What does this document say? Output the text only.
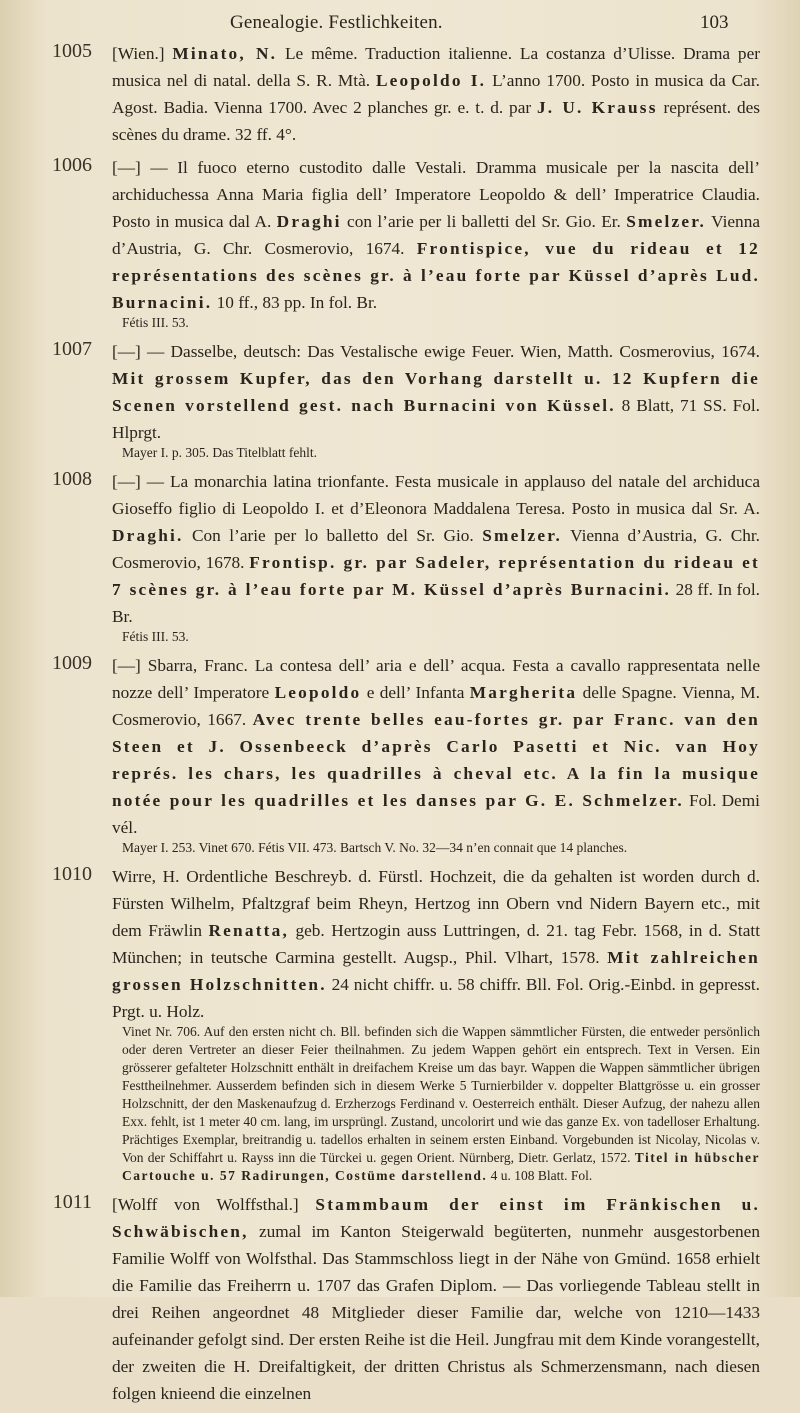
Genealogie. Festlichkeiten.	103
1005 [Wien.] Minato, N. Le même. Traduction italienne. La costanza d’Ulisse. Drama per musica nel di natal. della S. R. Mtà. Leopoldo I. L’anno 1700. Posto in musica da Car. Agost. Badia. Vienna 1700. Avec 2 planches gr. e. t. d. par J. U. Krauss représent. des scènes du drame. 32 ff. 4°.
1006 [—] — Il fuoco eterno custodito dalle Vestali. Dramma musicale per la nascita dell’ archiduchessa Anna Maria figlia dell’ Imperatore Leopoldo & dell’ Imperatrice Claudia. Posto in musica dal A. Draghi con l’arie per li balletti del Sr. Gio. Er. Smelzer. Vienna d’Austria, G. Chr. Cosmerovio, 1674. Frontispice, vue du rideau et 12 représentations des scènes gr. à l’eau forte par Küssel d’après Lud. Burnacini. 10 ff., 83 pp. In fol. Br.
Fétis III. 53.
1007 [—] — Dasselbe, deutsch: Das Vestalische ewige Feuer. Wien, Matth. Cosmerovius, 1674. Mit grossem Kupfer, das den Vorhang darstellt u. 12 Kupfern die Scenen vorstellend gest. nach Burnacini von Küssel. 8 Blatt, 71 SS. Fol. Hlprgt.
Mayer I. p. 305. Das Titelblatt fehlt.
1008 [—] — La monarchia latina trionfante. Festa musicale in applauso del natale del archiduca Gioseffo figlio di Leopoldo I. et d’Eleonora Maddalena Teresa. Posto in musica dal Sr. A. Draghi. Con l’arie per lo balletto del Sr. Gio. Smelzer. Vienna d’Austria, G. Chr. Cosmerovio, 1678. Frontisp. gr. par Sadeler, représentation du rideau et 7 scènes gr. à l’eau forte par M. Küssel d’après Burnacini. 28 ff. In fol. Br.
Fétis III. 53.
1009 [—] Sbarra, Franc. La contesa dell’ aria e dell’ acqua. Festa a cavallo rappresentata nelle nozze dell’ Imperatore Leopoldo e dell’ Infanta Margherita delle Spagne. Vienna, M. Cosmerovio, 1667. Avec trente belles eau-fortes gr. par Franc. van den Steen et J. Ossenbeeck d’après Carlo Pasetti et Nic. van Hoy représ. les chars, les quadrilles à cheval etc. A la fin la musique notée pour les quadrilles et les danses par G. E. Schmelzer. Fol. Demi vél.
Mayer I. 253. Vinet 670. Fétis VII. 473. Bartsch V. No. 32—34 n’en connait que 14 planches.
1010 Wirre, H. Ordentliche Beschreyb. d. Fürstl. Hochzeit, die da gehalten ist worden durch d. Fürsten Wilhelm, Pfaltzgraf beim Rheyn, Hertzog inn Obern vnd Nidern Bayern etc., mit dem Fräwlin Renatta, geb. Hertzogin auss Luttringen, d. 21. tag Febr. 1568, in d. Statt München; in teutsche Carmina gestellt. Augsp., Phil. Vlhart, 1578. Mit zahlreichen grossen Holzschnitten. 24 nicht chiffr. u. 58 chiffr. Bll. Fol. Orig.-Einbd. in gepresst. Prgt. u. Holz.
Vinet Nr. 706. Auf den ersten nicht ch. Bll. befinden sich die Wappen sämmtlicher Fürsten, die entweder persönlich oder deren Vertreter an dieser Feier theilnahmen. Zu jedem Wappen gehört ein entsprech. Text in Versen. Ein grösserer gefalteter Holzschnitt enthält in dreifachem Kreise um das bayr. Wappen die Wappen sämmtlicher übrigen Festtheilnehmer. Ausserdem befinden sich in diesem Werke 5 Turnierbilder v. doppelter Blattgrösse u. ein grosser Holzschnitt, der den Maskenaufzug d. Erzherzogs Ferdinand v. Oesterreich enthält. Dieser Aufzug, der nahezu allen Exx. fehlt, ist 1 meter 40 cm. lang, im ursprüngl. Zustand, uncolorirt und wie das ganze Ex. von tadelloser Erhaltung. Prächtiges Exemplar, breitrandig u. tadellos erhalten in seinem ersten Einband. Vorgebunden ist Nicolay, Nicolas v. Von der Schiffahrt u. Rayss inn die Türckei u. gegen Orient. Nürnberg, Dietr. Gerlatz, 1572. Titel in hübscher Cartouche u. 57 Radirungen, Costüme darstellend. 4 u. 108 Blatt. Fol.
1011 [Wolff von Wolffsthal.] Stammbaum der einst im Fränkischen u. Schwäbischen, zumal im Kanton Steigerwald begüterten, nunmehr ausgestorbenen Familie Wolff von Wolfsthal. Das Stammschloss liegt in der Nähe von Gmünd. 1658 erhielt die Familie das Freiherrn u. 1707 das Grafen Diplom. — Das vorliegende Tableau stellt in drei Reihen angeordnet 48 Mitglieder dieser Familie dar, welche von 1210—1433 aufeinander gefolgt sind. Der ersten Reihe ist die Heil. Jungfrau mit dem Kinde vorangestellt, der zweiten die H. Dreifaltigkeit, der dritten Christus als Schmerzensmann, nach diesen folgen knieend die einzelnen
